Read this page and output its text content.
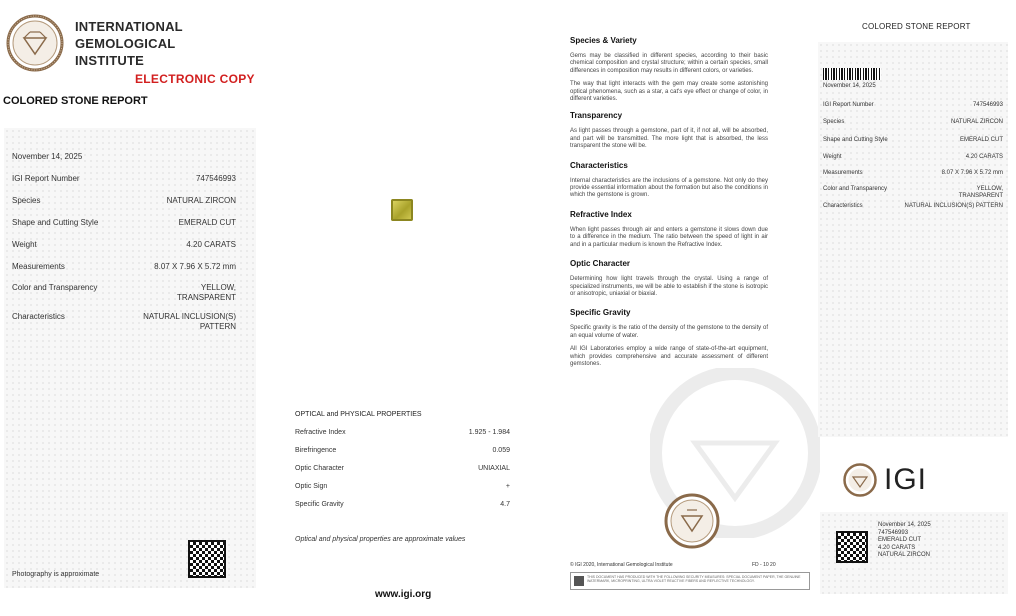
INTERNATIONAL
GEMOLOGICAL
INSTITUTE
ELECTRONIC COPY
COLORED STONE REPORT
November 14, 2025
IGI Report Number	747546993
Species	NATURAL ZIRCON
Shape and Cutting Style	EMERALD CUT
Weight	4.20 CARATS
Measurements	8.07 X 7.96 X 5.72 mm
Color and Transparency	YELLOW,
TRANSPARENT
Characteristics	NATURAL INCLUSION(S)
PATTERN
Photography is approximate
OPTICAL and PHYSICAL PROPERTIES
Refractive Index	1.925 - 1.984
Birefringence	0.059
Optic Character	UNIAXIAL
Optic Sign	+
Specific Gravity	4.7
Optical and physical properties are approximate values
www.igi.org
Species & Variety
Gems may be classified in different species, according to their basic chemical composition and crystal structure; within a certain species, small differences in composition may results in different colors, or varieties.
The way that light interacts with the gem may create some astonishing optical phenomena, such as a star, a cat's eye effect or change of color, in different varieties.
Transparency
As light passes through a gemstone, part of it, if not all, will be absorbed, and part will be transmitted. The more light that is absorbed, the less transparent the stone will be.
Characteristics
Internal characteristics are the inclusions of a gemstone. Not only do they provide essential information about the formation but also the conditions in which the gemstone is grown.
Refractive Index
When light passes through air and enters a gemstone it slows down due to a difference in the medium. The ratio between the speed of light in air and in a particular medium is known the Refractive Index.
Optic Character
Determining how light travels through the crystal. Using a range of specialized instruments, we will be able to establish if the stone is isotropic or anisotropic, uniaxial or biaxial.
Specific Gravity
Specific gravity is the ratio of the density of the gemstone to the density of an equal volume of water.
All IGI Laboratories employ a wide range of state-of-the-art equipment, which provides comprehensive and accurate assessment of different gemstones.
© IGI 2020, International Gemological Institute	FD - 10 20
THIS DOCUMENT HAS PRODUCED WITH THE FOLLOWING SECURITY MEASURES: SPECIAL DOCUMENT PAPER, THE GENUINE WATERMARK, MICROPRINTING, ULTRA VIOLET REACTIVE FIBERS AND REFLECTIVE TECHNOLOGY.
COLORED STONE REPORT
November 14, 2025
IGI Report Number	747546993
Species	NATURAL ZIRCON
Shape and Cutting Style	EMERALD CUT
Weight	4.20 CARATS
Measurements	8.07 X 7.96 X 5.72 mm
Color and Transparency	YELLOW,
TRANSPARENT
Characteristics	NATURAL INCLUSION(S) PATTERN
IGI
November 14, 2025
747546993
EMERALD CUT
4.20 CARATS
NATURAL ZIRCON
